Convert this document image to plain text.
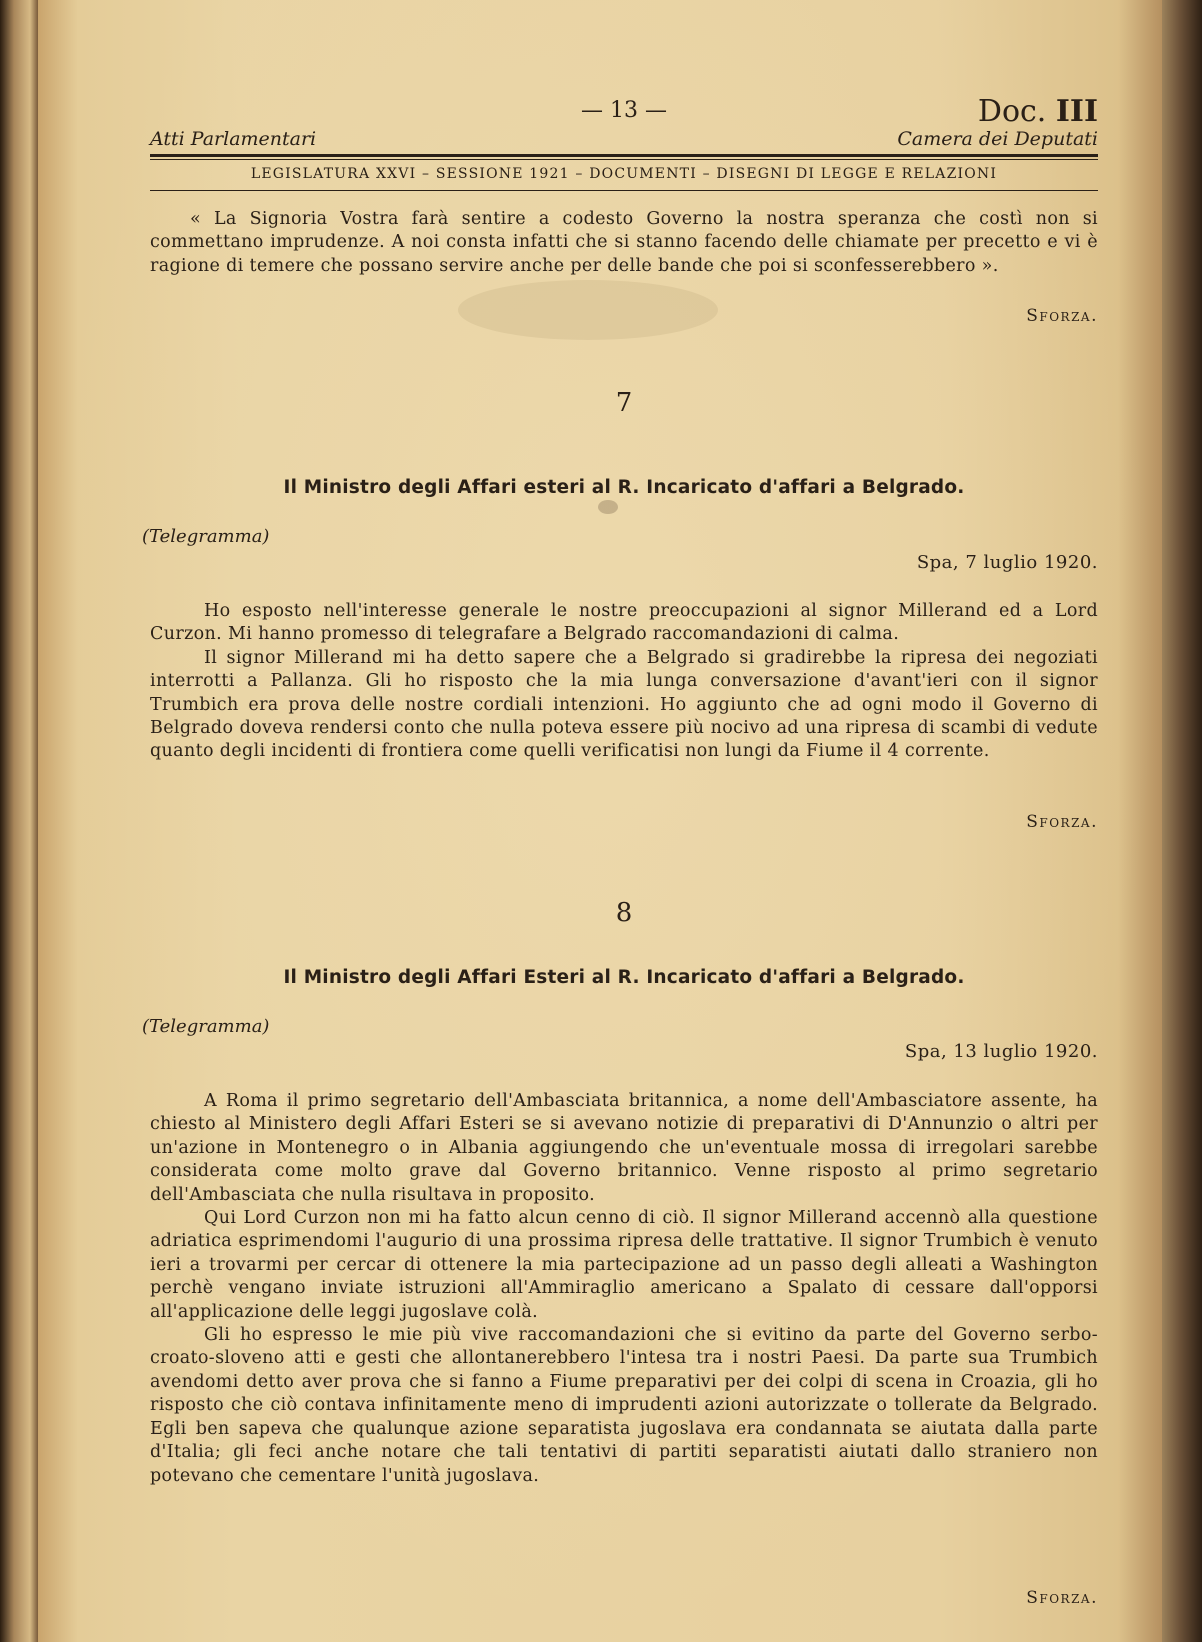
— 13 —	Doc. III
Atti Parlamentari	Camera dei Deputati
LEGISLATURA XXVI – SESSIONE 1921 – DOCUMENTI – DISEGNI DI LEGGE E RELAZIONI

« La Signoria Vostra farà sentire a codesto Governo la nostra speranza che costì non si commettano imprudenze. A noi consta infatti che si stanno facendo delle chiamate per precetto e vi è ragione di temere che possano servire anche per delle bande che poi si sconfesserebbero ».

Sforza.
7
Il Ministro degli Affari esteri al R. Incaricato d'affari a Belgrado.
(Telegramma)
Spa, 7 luglio 1920.

Ho esposto nell'interesse generale le nostre preoccupazioni al signor Millerand ed a Lord Curzon. Mi hanno promesso di telegrafare a Belgrado raccomandazioni di calma.

Il signor Millerand mi ha detto sapere che a Belgrado si gradirebbe la ripresa dei negoziati interrotti a Pallanza. Gli ho risposto che la mia lunga conversazione d'avant'ieri con il signor Trumbich era prova delle nostre cordiali intenzioni. Ho aggiunto che ad ogni modo il Governo di Belgrado doveva rendersi conto che nulla poteva essere più nocivo ad una ripresa di scambi di vedute quanto degli incidenti di frontiera come quelli verificatisi non lungi da Fiume il 4 corrente.

Sforza.
8
Il Ministro degli Affari Esteri al R. Incaricato d'affari a Belgrado.
(Telegramma)
Spa, 13 luglio 1920.

A Roma il primo segretario dell'Ambasciata britannica, a nome dell'Ambasciatore assente, ha chiesto al Ministero degli Affari Esteri se si avevano notizie di preparativi di D'Annunzio o altri per un'azione in Montenegro o in Albania aggiungendo che un'eventuale mossa di irregolari sarebbe considerata come molto grave dal Governo britannico. Venne risposto al primo segretario dell'Ambasciata che nulla risultava in proposito.

Qui Lord Curzon non mi ha fatto alcun cenno di ciò. Il signor Millerand accennò alla questione adriatica esprimendomi l'augurio di una prossima ripresa delle trattative. Il signor Trumbich è venuto ieri a trovarmi per cercar di ottenere la mia partecipazione ad un passo degli alleati a Washington perchè vengano inviate istruzioni all'Ammiraglio americano a Spalato di cessare dall'opporsi all'applicazione delle leggi jugoslave colà.

Gli ho espresso le mie più vive raccomandazioni che si evitino da parte del Governo serbo-croato-sloveno atti e gesti che allontanerebbero l'intesa tra i nostri Paesi. Da parte sua Trumbich avendomi detto aver prova che si fanno a Fiume preparativi per dei colpi di scena in Croazia, gli ho risposto che ciò contava infinitamente meno di imprudenti azioni autorizzate o tollerate da Belgrado. Egli ben sapeva che qualunque azione separatista jugoslava era condannata se aiutata dalla parte d'Italia; gli feci anche notare che tali tentativi di partiti separatisti aiutati dallo straniero non potevano che cementare l'unità jugoslava.

Sforza.
